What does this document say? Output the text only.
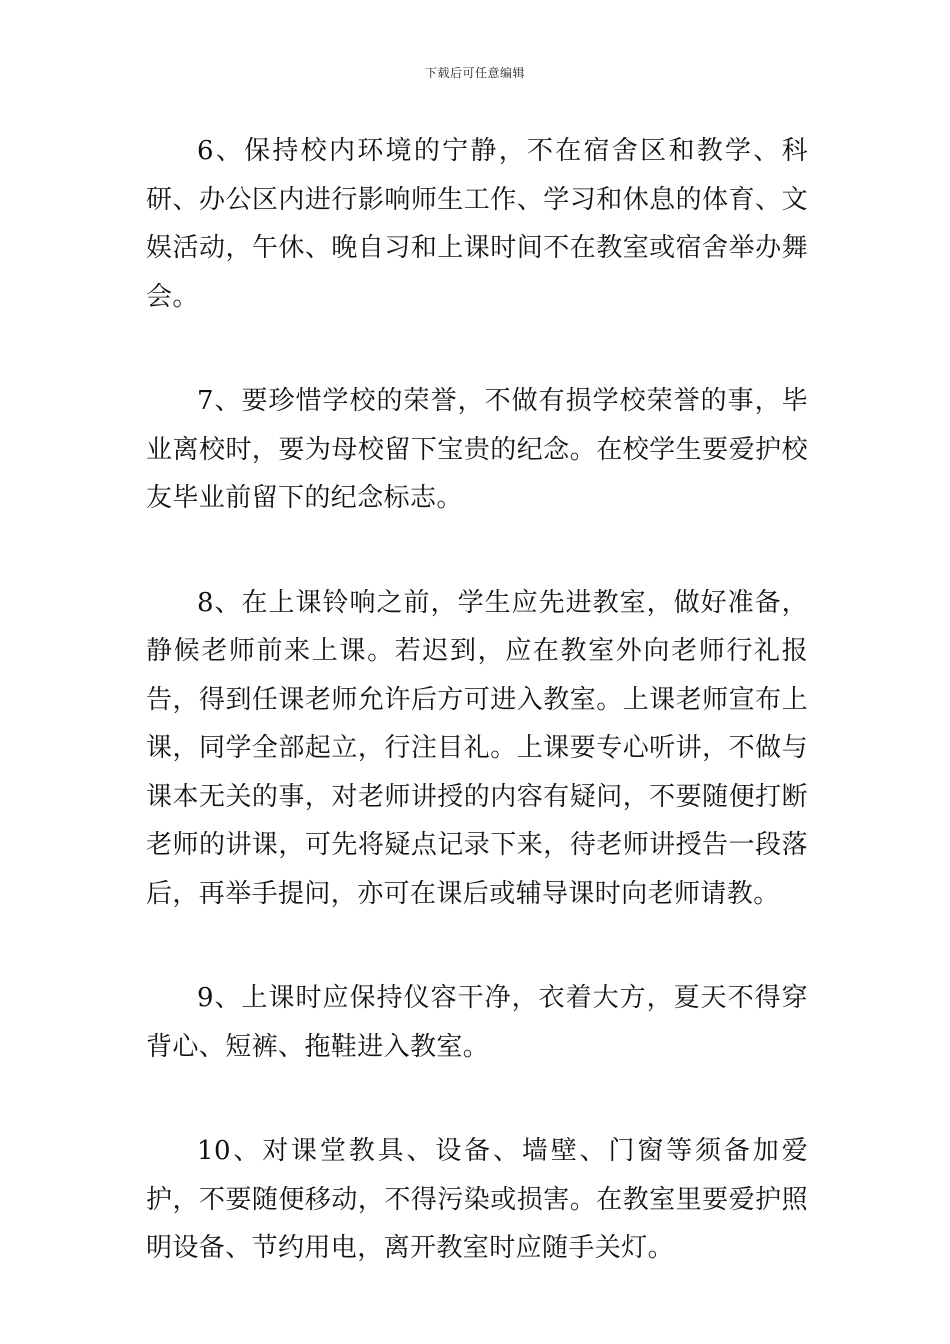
下载后可任意编辑

6、保持校内环境的宁静，不在宿舍区和教学、科研、办公区内进行影响师生工作、学习和休息的体育、文娱活动，午休、晚自习和上课时间不在教室或宿舍举办舞会。

7、要珍惜学校的荣誉，不做有损学校荣誉的事，毕业离校时，要为母校留下宝贵的纪念。在校学生要爱护校友毕业前留下的纪念标志。

8、在上课铃响之前，学生应先进教室，做好准备，静候老师前来上课。若迟到，应在教室外向老师行礼报告，得到任课老师允许后方可进入教室。上课老师宣布上课，同学全部起立，行注目礼。上课要专心听讲，不做与课本无关的事，对老师讲授的内容有疑问，不要随便打断老师的讲课，可先将疑点记录下来，待老师讲授告一段落后，再举手提问，亦可在课后或辅导课时向老师请教。

9、上课时应保持仪容干净，衣着大方，夏天不得穿背心、短裤、拖鞋进入教室。

10、对课堂教具、设备、墙壁、门窗等须备加爱护，不要随便移动，不得污染或损害。在教室里要爱护照明设备、节约用电，离开教室时应随手关灯。
